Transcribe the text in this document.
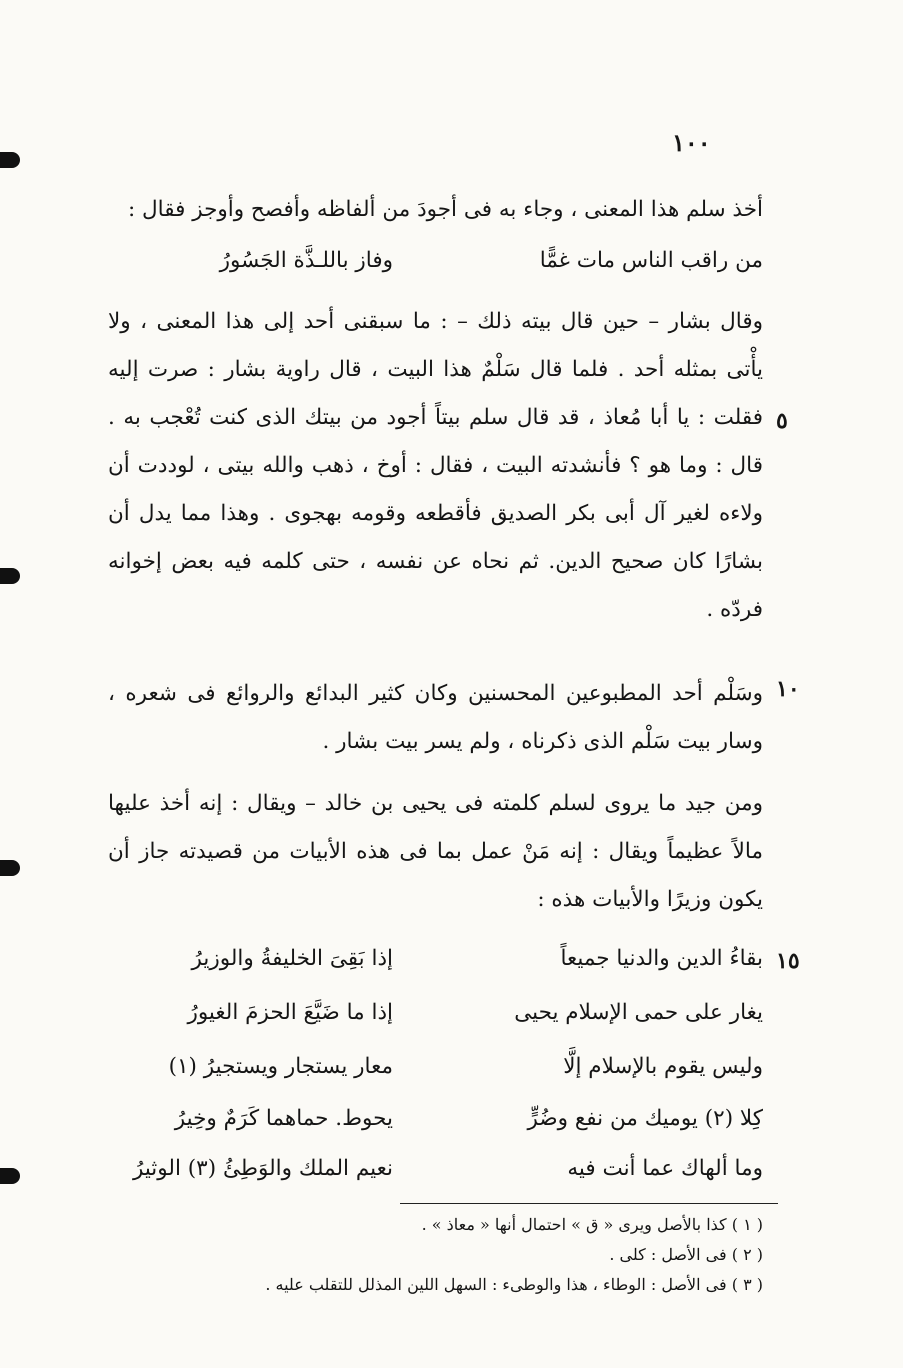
١٠٠
أخذ سلم هذا المعنى ، وجاء به فى أجودَ من ألفاظه وأفصح وأوجز فقال :
من راقب الناس مات غمًّا
وفاز باللـذَّة الجَسُورُ
وقال بشار – حين قال بيته ذلك – : ما سبقنى أحد إلى هذا المعنى ، ولا يأْتى بمثله أحد . فلما قال سَلْمٌ هذا البيت ، قال راوية بشار : صرت إليه فقلت : يا أبا مُعاذ ، قد قال سلم بيتاً أجود من بيتك الذى كنت تُعْجب به . قال : وما هو ؟ فأنشدته البيت ، فقال : أوخ ، ذهب والله بيتى ، لوددت أن ولاءه لغير آل أبى بكر الصديق فأقطعه وقومه بهجوى . وهذا مما يدل أن بشارًا كان صحيح الدين. ثم نحاه عن نفسه ، حتى كلمه فيه بعض إخوانه فردّه .
وسَلْم أحد المطبوعين المحسنين وكان كثير البدائع والروائع فى شعره ، وسار بيت سَلْم الذى ذكرناه ، ولم يسر بيت بشار .
ومن جيد ما يروى لسلم كلمته فى يحيى بن خالد – ويقال : إنه أخذ عليها مالاً عظيماً ويقال : إنه مَنْ عمل بما فى هذه الأبيات من قصيدته جاز أن يكون وزيرًا والأبيات هذه :
٥
١٠
١٥
بقاءُ الدين والدنيا جميعاً
إذا بَقِىَ الخليفةُ والوزيرُ
يغار على حمى الإسلام يحيى
إذا ما ضَيَّعَ الحزمَ الغيورُ
وليس يقوم بالإسلام إلَّا
معار يستجار ويستجيرُ (١)
كِلا (٢) يوميك من نفع وضُرٍّ
يحوط. حماهما كَرَمٌ وخِيرُ
وما ألهاك عما أنت فيه
نعيم الملك والوَطِئُ (٣) الوثيرُ
( ١ ) كذا بالأصل ويرى « ق » احتمال أنها « معاذ » .
( ٢ ) فى الأصل : كلى .
( ٣ ) فى الأصل : الوطاء ، هذا والوطىء : السهل اللين المذلل للتقلب عليه .
